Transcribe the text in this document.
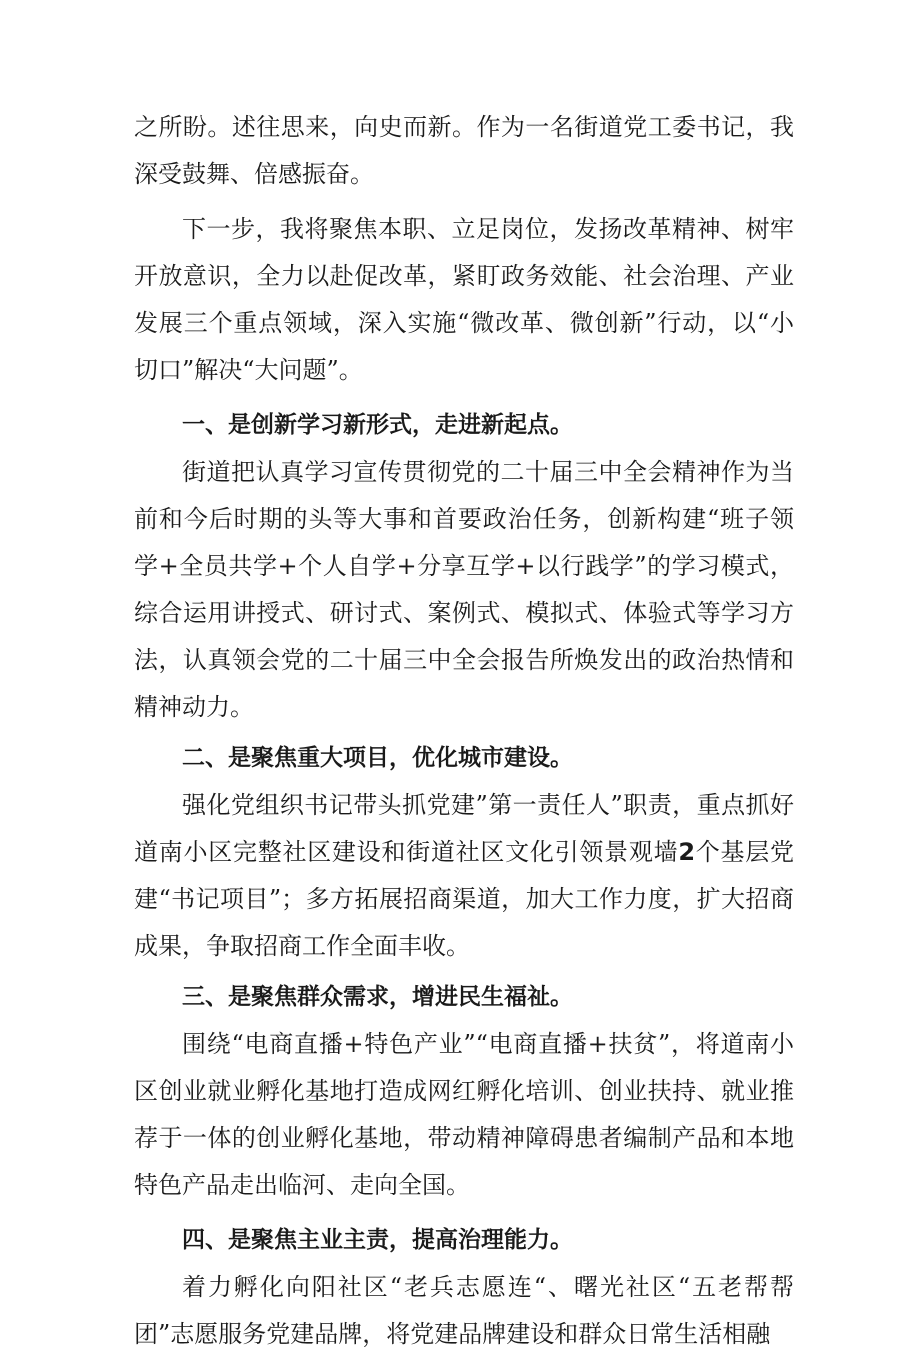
之所盼。述往思来，向史而新。作为一名街道党工委书记，我深受鼓舞、倍感振奋。

下一步，我将聚焦本职、立足岗位，发扬改革精神、树牢开放意识，全力以赴促改革，紧盯政务效能、社会治理、产业发展三个重点领域，深入实施“微改革、微创新”行动，以“小切口”解决“大问题”。

一、是创新学习新形式，走进新起点。

街道把认真学习宣传贯彻党的二十届三中全会精神作为当前和今后时期的头等大事和首要政治任务，创新构建“班子领学+全员共学+个人自学+分享互学+以行践学”的学习模式，综合运用讲授式、研讨式、案例式、模拟式、体验式等学习方法，认真领会党的二十届三中全会报告所焕发出的政治热情和精神动力。

二、是聚焦重大项目，优化城市建设。

强化党组织书记带头抓党建”第一责任人”职责，重点抓好道南小区完整社区建设和街道社区文化引领景观墙2个基层党建“书记项目”；多方拓展招商渠道，加大工作力度，扩大招商成果，争取招商工作全面丰收。

三、是聚焦群众需求，增进民生福祉。

围绕“电商直播+特色产业”“电商直播+扶贫”，将道南小区创业就业孵化基地打造成网红孵化培训、创业扶持、就业推荐于一体的创业孵化基地，带动精神障碍患者编制产品和本地特色产品走出临河、走向全国。

四、是聚焦主业主责，提高治理能力。

着力孵化向阳社区“老兵志愿连“、曙光社区“五老帮帮团”志愿服务党建品牌，将党建品牌建设和群众日常生活相融
